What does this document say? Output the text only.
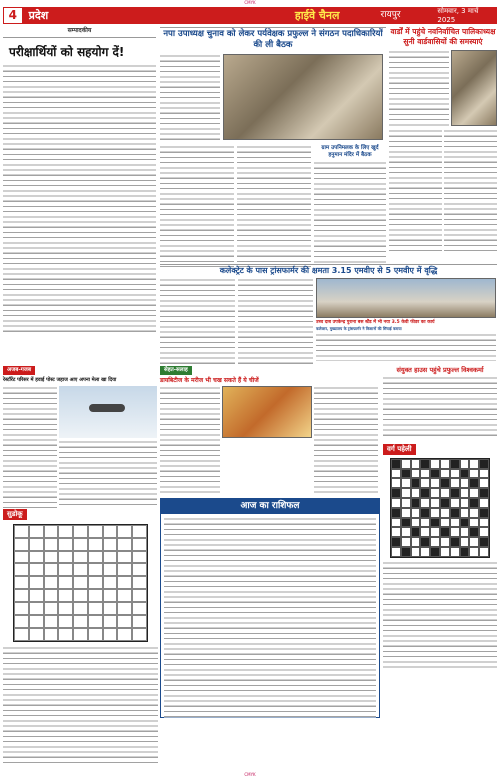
CMYK
4	प्रदेश	हाईवे चैनल	रायपुर	सोमवार, 3 मार्च 2025
सम्पादकीय
परीक्षार्थियों को सहयोग दें!
नपा उपाध्यक्ष चुनाव को लेकर पर्यवेक्षक प्रफुल्ल ने संगठन पदाधिकारियों की ली बैठक
ग्राम उपनिमलक के लिए खुर्द हनुमान मंदिर में बैठक
वार्डों में पहुंचे नवनिर्वाचित पालिकाध्यक्ष सुनी वार्डवासियों की समस्याएं
कलेक्ट्रेट के पास ट्रांसफार्मर की क्षमता 3.15 एमवीए से 5 एमवीए में वृद्धि
उच्च दाब उपकेन्द्र पुराना बस स्टैंड में भी नया 3.5 केवी फीडर का कार्य
कलेक्टर, मुख्यालय के ट्रांसफार्मर ने किसानों की सिंचाई कराया
अजब-गजब
रेस्टॉरेंट परिसर में हवाई पोस्ट जहाज आए अपना मेला खा दिया
सेहत-सलाह
डायबिटीज के मरीज भी चख सकते हैं ये चीजें
संयुक्त हाउस पहुंचे प्रफुल्ल विश्वकर्मा
वर्ग पहेली
सुडोकू
आज का राशिफल
CMYK
